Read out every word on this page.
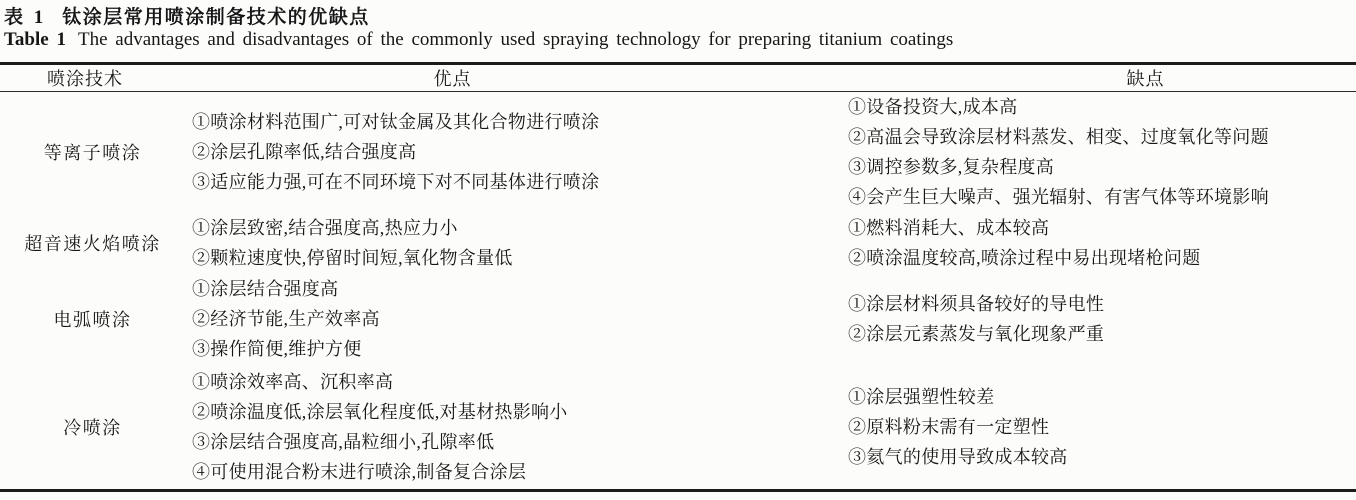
表 1 钛涂层常用喷涂制备技术的优缺点
Table 1 The advantages and disadvantages of the commonly used spraying technology for preparing titanium coatings
喷涂技术	优点	缺点
等离子喷涂
①喷涂材料范围广,可对钛金属及其化合物进行喷涂
②涂层孔隙率低,结合强度高
③适应能力强,可在不同环境下对不同基体进行喷涂
①设备投资大,成本高
②高温会导致涂层材料蒸发、相变、过度氧化等问题
③调控参数多,复杂程度高
④会产生巨大噪声、强光辐射、有害气体等环境影响
超音速火焰喷涂
①涂层致密,结合强度高,热应力小
②颗粒速度快,停留时间短,氧化物含量低
①燃料消耗大、成本较高
②喷涂温度较高,喷涂过程中易出现堵枪问题
电弧喷涂
①涂层结合强度高
②经济节能,生产效率高
③操作简便,维护方便
①涂层材料须具备较好的导电性
②涂层元素蒸发与氧化现象严重
冷喷涂
①喷涂效率高、沉积率高
②喷涂温度低,涂层氧化程度低,对基材热影响小
③涂层结合强度高,晶粒细小,孔隙率低
④可使用混合粉末进行喷涂,制备复合涂层
①涂层强塑性较差
②原料粉末需有一定塑性
③氦气的使用导致成本较高
